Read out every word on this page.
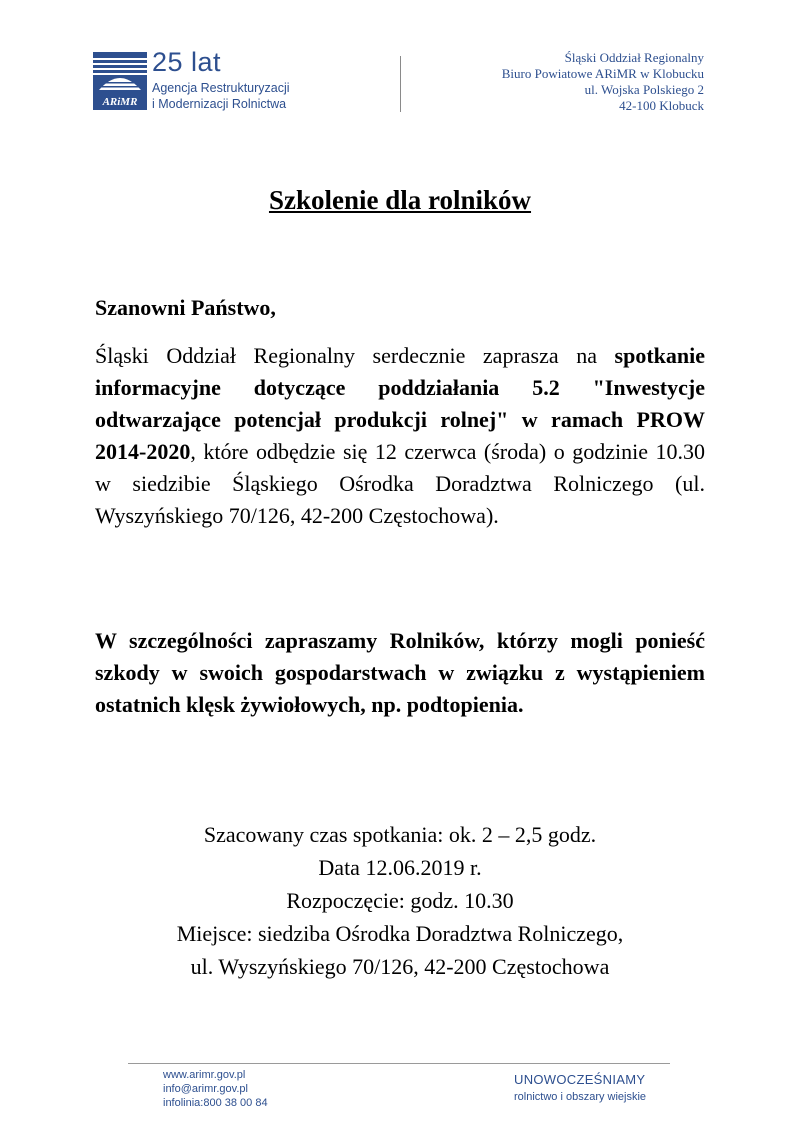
ARiMR
25 lat
Agencja Restrukturyzacji
i Modernizacji Rolnictwa
Śląski Oddział Regionalny
Biuro Powiatowe ARiMR w Klobucku
ul. Wojska Polskiego 2
42-100 Klobuck
Szkolenie dla rolników
Szanowni Państwo,
Śląski Oddział Regionalny serdecznie zaprasza na spotkanie informacyjne dotyczące poddziałania 5.2 "Inwestycje odtwarzające potencjał produkcji rolnej" w ramach PROW 2014-2020, które odbędzie się 12 czerwca (środa) o godzinie 10.30 w siedzibie Śląskiego Ośrodka Doradztwa Rolniczego (ul. Wyszyńskiego 70/126, 42-200 Częstochowa).
W szczególności zapraszamy Rolników, którzy mogli ponieść szkody w swoich gospodarstwach w związku z wystąpieniem ostatnich klęsk żywiołowych, np. podtopienia.
Szacowany czas spotkania: ok. 2 – 2,5 godz.
Data 12.06.2019 r.
Rozpoczęcie: godz. 10.30
Miejsce: siedziba Ośrodka Doradztwa Rolniczego,
ul. Wyszyńskiego 70/126, 42-200 Częstochowa
www.arimr.gov.pl
info@arimr.gov.pl
infolinia:800 38 00 84
UNOWOCZEŚNIAMY
rolnictwo i obszary wiejskie
